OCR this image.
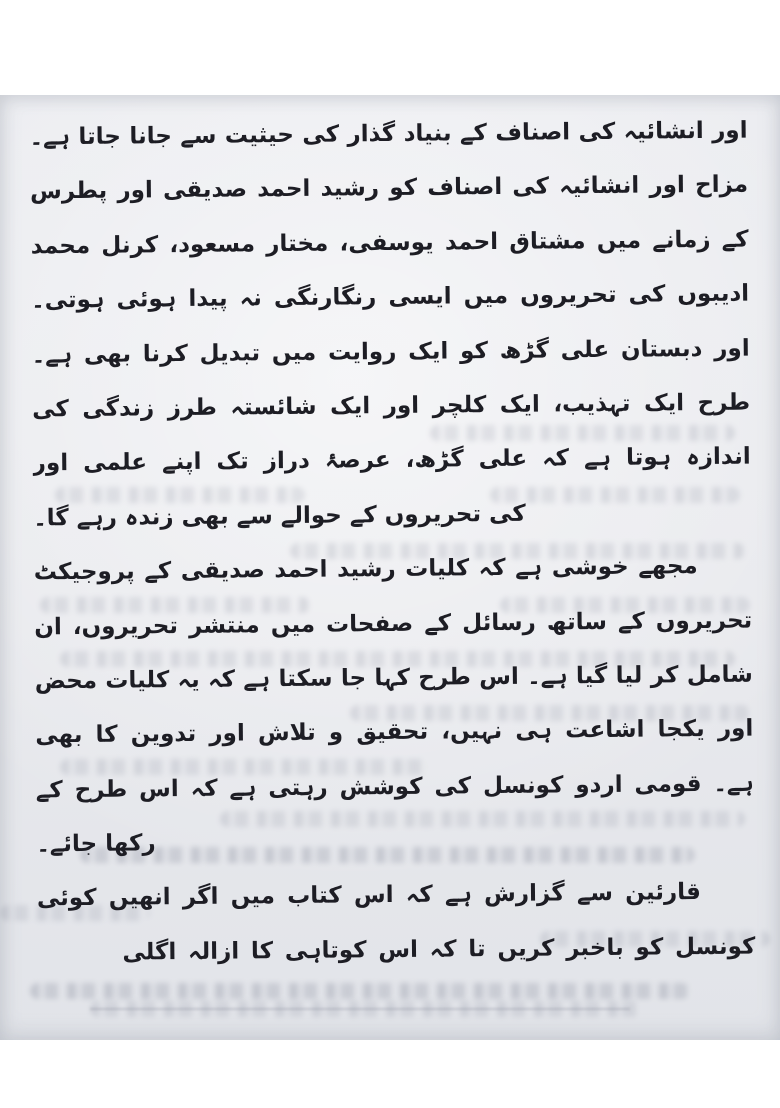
اور انشائیہ کی اصناف کے بنیاد گذار کی حیثیت سے جانا جاتا ہے۔
مزاح اور انشائیہ کی اصناف کو رشید احمد صدیقی اور پطرس
کے زمانے میں مشتاق احمد یوسفی، مختار مسعود، کرنل محمد
ادیبوں کی تحریروں میں ایسی رنگارنگی نہ پیدا ہوئی ہوتی۔
اور دبستان علی گڑھ کو ایک روایت میں تبدیل کرنا بھی ہے۔
طرح ایک تہذیب، ایک کلچر اور ایک شائستہ طرز زندگی کی
اندازہ ہوتا ہے کہ علی گڑھ، عرصۂ دراز تک اپنے علمی اور
کی تحریروں کے حوالے سے بھی زندہ رہے گا۔
مجھے خوشی ہے کہ کلیات رشید احمد صدیقی کے پروجیکٹ
تحریروں کے ساتھ رسائل کے صفحات میں منتشر تحریروں، ان
شامل کر لیا گیا ہے۔ اس طرح کہا جا سکتا ہے کہ یہ کلیات محض
اور یکجا اشاعت ہی نہیں، تحقیق و تلاش اور تدوین کا بھی
ہے۔ قومی اردو کونسل کی کوشش رہتی ہے کہ اس طرح کے
رکھا جائے۔
قارئین سے گزارش ہے کہ اس کتاب میں اگر انھیں کوئی
کونسل کو باخبر کریں تا کہ اس کوتاہی کا ازالہ اگلی
